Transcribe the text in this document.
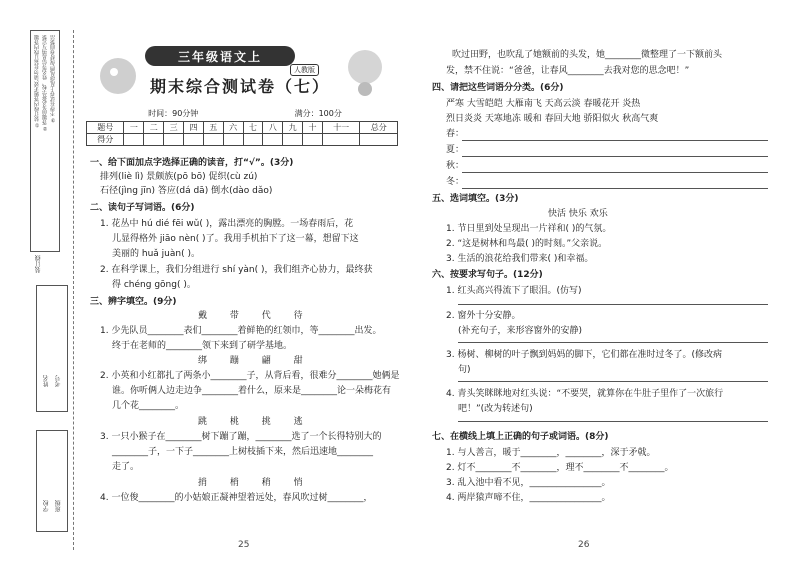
①装订线内答题无效,请勿在装订线内答题 ②答题前务必将学校、姓名等信息填写完整 ③不得在试卷上乱涂乱画,保持卷面整洁
装订线
姓名 考号
学校 班级
三年级语文上
人教版
期末综合测试卷（七）
时间：90分钟	满分：100分
题号	一	二	三	四	五	六	七	八	九	十	十一	总分
得分												
一、给下面加点字选择正确的读音，打“√”。(3分)
排列(liè lì) 景颇族(pō bō) 促织(cù zú)
石径(jìng jīn) 答应(dá dā) 倒水(dào dǎo)
二、读句子写词语。(6分)
1. 花丛中 hú dié fēi wǔ( )，露出漂亮的胸膛。一场春雨后，花
儿显得格外 jiāo nèn( )了。我用手机拍下了这一幕，想留下这
美丽的 huǎ juàn( )。
2. 在科学课上，我们分组进行 shí yàn( )，我们组齐心协力，最终获
得 chéng gōng( )。
三、辨字填空。(9分)
戴 带 代 待
1. 少先队员________表们________着鲜艳的红领巾，等________出发。
终于在老师的________领下来到了研学基地。
绑 蹦 翩 甜
2. 小英和小红都扎了两条小________子，从背后看，很难分________她俩是
谁。你听俩人边走边争________着什么，原来是________论一朵梅花有
几个花________。
跳 桃 挑 逃
3. 一只小猴子在________树下蹦了蹦，________选了一个长得特别大的
________子，一下子________上树枝插下来，然后迅速地________
走了。
捎 梢 稍 悄
4. 一位俊________的小姑娘正凝神望着远处，春风吹过树________，
25
吹过田野，也吹乱了她额前的头发，她________微整理了一下额前头
发，禁不住说：“爸爸，让春风________去我对您的思念吧！”
四、请把这些词语分分类。(6分)
严寒 大雪皑皑 大雁南飞 天高云淡 春暖花开 炎热
烈日炎炎 天寒地冻 暖和 春回大地 骄阳似火 秋高气爽
春：
夏：
秋：
冬：
五、选词填空。(3分)
快活 快乐 欢乐
1. 节日里到处呈现出一片祥和( )的气氛。
2. “这是树林和鸟最( )的时刻。”父亲说。
3. 生活的浪花给我们带来( )和幸福。
六、按要求写句子。(12分)
1. 红头高兴得流下了眼泪。(仿写)
2. 窗外十分安静。
(补充句子，来形容窗外的安静)
3. 杨树、柳树的叶子飘到妈妈的脚下，它们都在准时过冬了。(修改病
句)
4. 青头笑眯眯地对红头说：“不要哭，就算你在牛肚子里作了一次旅行
吧！”(改为转述句)
七、在横线上填上正确的句子或词语。(8分)
1. 与人善言，暖于________，________，深于矛戟。
2. 灯不________不________，理不________不________。
3. 乱入池中看不见，________________。
4. 两岸猿声啼不住，________________。
26
